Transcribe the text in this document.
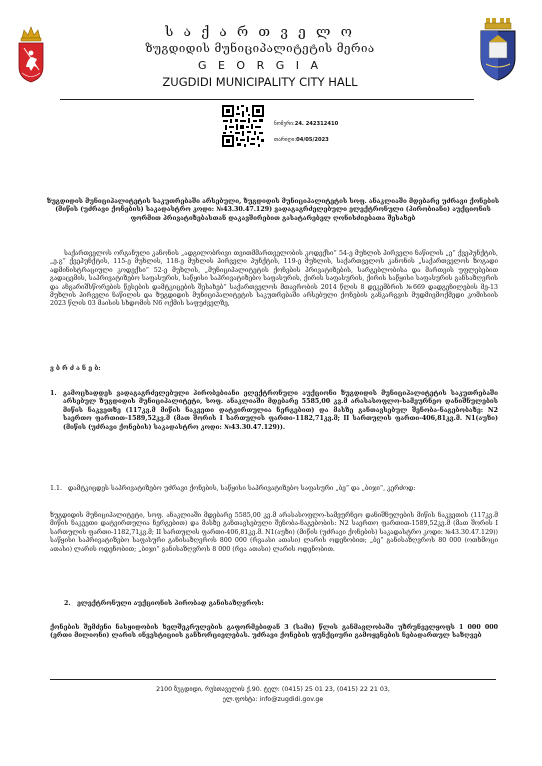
ს ა ქ ა რ თ ვ ე ლ ო
ზუგდიდის მუნიციპალიტეტის მერია
G E O R G I A
ZUGDIDI MUNICIPALITY CITY HALL
ნომერი:24. 242312410
თარიღი:04/05/2023

ზუგდიდის მუნიციპალიტეტის საკუთრებაში არსებული, ზუგდიდის მუნიციპალიტეტის სოფ. ანაკლიაში მდებარე უძრავი ქონების (მიწის (უძრავი ქონების) საკადასტრო კოდი: №43.30.47.129) ვადაგაგრძელებული ელექტრონული (პირობიანი) აუქციონის ფორმით პრივატიზებასთან დაკავშირებით გასატარებელ ღონისძიებათა შესახებ

საქართველოს ორგანული კანონის „ადგილობრივი თვითმმართველობის კოდექსი“ 54-ე მუხლის პირველი ნაწილის „ე“ ქვეპუნქტის, „ე.გ“ ქვეპუნქტის, 115-ე მუხლის, 118-ე მუხლის პირველი პუნქტის, 119-ე მუხლის, საქართველოს კანონის „საქართველოს ზოგადი ადმინისტრაციული კოდექსი“ 52-ე მუხლის, „მუნიციპალიტეტის ქონების პრივატიზების, სარგებლობისა და მართვის უფლებებით გადაცემის, საპრივატიზებო საფასურის, საწყისი საპრივატიზებო საფასურის, ქირის საფასურის, ქირის საწყისი საფასურის განსაზღვრის და ანგარიშსწორების წესების დამტკიცების შესახებ“ საქართველოს მთავრობის 2014 წლის 8 დეკემბრის №669 დადგენილების მე-13 მუხლის პირველი ნაწილის და ზუგდიდის მუნიციპალიტეტის საკუთრებაში არსებული ქონების განკარგვის მუდმივმოქმედი კომისიის 2023 წლის 03 მაისის სხდომის N6 ოქმის საფუძველზე,

ვ ბ რ ძ ა ნ ე ბ:

1. გამოცხადდეს ვადაგაგრძელებული პირობებიანი ელექტრონული აუქციონი ზუგდიდის მუნიციპალიტეტის საკუთრებაში არსებულ ზუგდიდის მუნიციპალიტეტი, სოფ. ანაკლიაში მდებარე 5585,00 კვ.მ არასასოფლო-სამეურნეო დანიშნულების მიწის ნაკვეთზე (117კვ.მ მიწის ნაკვეთი დატვირთულია ნერგებით) და მასზე განთავსებულ შენობა-ნაგებობაზე: N2 საერთო ფართით-1589,52კვ.მ (მათ შორის I სართულის ფართი-1182,71კვ.მ; II სართულის ფართი-406,81კვ.მ. N1(აუზი) (მიწის (უძრავი ქონების) საკადასტრო კოდი: №43.30.47.129)).

1.1. დამტკიცდეს საპრივატიზებო უძრავი ქონების, საწყისი საპრივატიზებო საფასური „ბე“ და „ბიჯი“, კერძოდ:

ზუგდიდის მუნიციპალიტეტი, სოფ. ანაკლიაში მდებარე 5585,00 კვ.მ არასასოფლო-სამეურნეო დანიშნულების მიწის ნაკვეთის (117კვ.მ მიწის ნაკვეთი დატვირთულია ნერგებით) და მასზე განთავსებული შენობა-ნაგებობის: N2 საერთო ფართით-1589,52კვ.მ (მათ შორის I სართულის ფართი-1182,71კვ.მ; II სართულის ფართი-406,81კვ.მ. N1(აუზი) (მიწის (უძრავი ქონების) საკადასტრო კოდი: №43.30.47.129)) საწყისი საპრივატიზებო საფასური განისაზღვროს 800 000 (რვაასი ათასი) ლარის ოდენობით; „ბე“ განისაზღვროს 80 000 (ოთხმოცი ათასი) ლარის ოდენობით; „ბიჯი“ განისაზღვროს 8 000 (რვა ათასი) ლარის ოდენობით.

2. ელექტრონული აუქციონის პირობად განისაზღვროს:

ქონების შემძენი ნასყიდობის ხელშეკრულების გაფორმებიდან 3 (სამი) წლის განმავლობაში უზრუნველყოფს 1 000 000 (ერთი მილიონი) ლარის ინვესტიციის განხორციელებას. უძრავი ქონების ფუნქციური გამოყენების ნებადართულ საზღვებ

2100 ზუგდიდი, რუსთაველის ქ.90. ტელ: (0415) 25 01 23, (0415) 22 21 03,
ელ.ფოსტა: info@zugdidi.gov.ge
